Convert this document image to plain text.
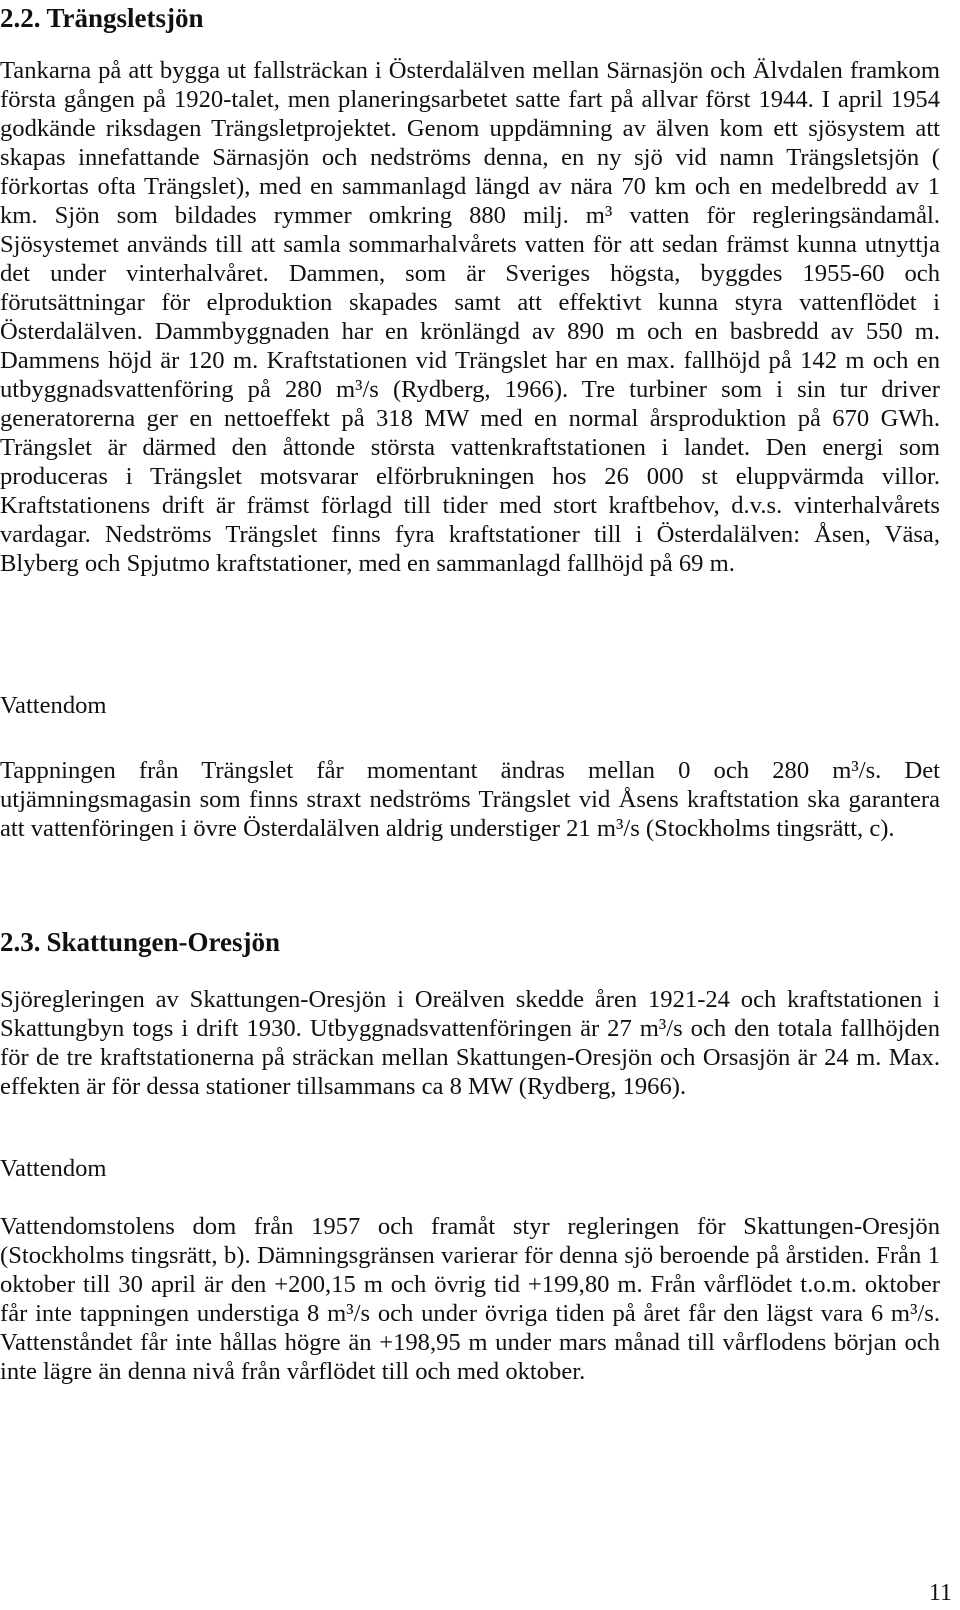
2.2. Trängsletsjön

Tankarna på att bygga ut fallsträckan i Österdalälven mellan Särnasjön och Älvdalen framkom första gången på 1920-talet, men planeringsarbetet satte fart på allvar först 1944. I april 1954 godkände riksdagen Trängsletprojektet. Genom uppdämning av älven kom ett sjösystem att skapas innefattande Särnasjön och nedströms denna, en ny sjö vid namn Trängsletsjön ( förkortas ofta Trängslet), med en sammanlagd längd av nära 70 km och en medelbredd av 1 km. Sjön som bildades rymmer omkring 880 milj. m³ vatten för regleringsändamål. Sjösystemet används till att samla sommarhalvårets vatten för att sedan främst kunna utnyttja det under vinterhalvåret. Dammen, som är Sveriges högsta, byggdes 1955-60 och förutsättningar för elproduktion skapades samt att effektivt kunna styra vattenflödet i Österdalälven. Dammbyggnaden har en krönlängd av 890 m och en basbredd av 550 m. Dammens höjd är 120 m. Kraftstationen vid Trängslet har en max. fallhöjd på 142 m och en utbyggnadsvattenföring på 280 m³/s (Rydberg, 1966). Tre turbiner som i sin tur driver generatorerna ger en nettoeffekt på 318 MW med en normal årsproduktion på 670 GWh. Trängslet är därmed den åttonde största vattenkraftstationen i landet. Den energi som produceras i Trängslet motsvarar elförbrukningen hos 26 000 st eluppvärmda villor. Kraftstationens drift är främst förlagd till tider med stort kraftbehov, d.v.s. vinterhalvårets vardagar. Nedströms Trängslet finns fyra kraftstationer till i Österdalälven: Åsen, Väsa, Blyberg och Spjutmo kraftstationer, med en sammanlagd fallhöjd på 69 m.

Vattendom

Tappningen från Trängslet får momentant ändras mellan 0 och 280 m³/s. Det utjämningsmagasin som finns straxt nedströms Trängslet vid Åsens kraftstation ska garantera att vattenföringen i övre Österdalälven aldrig understiger 21 m³/s (Stockholms tingsrätt, c).

2.3. Skattungen-Oresjön

Sjöregleringen av Skattungen-Oresjön i Oreälven skedde åren 1921-24 och kraftstationen i Skattungbyn togs i drift 1930. Utbyggnadsvattenföringen är 27 m³/s och den totala fallhöjden för de tre kraftstationerna på sträckan mellan Skattungen-Oresjön och Orsasjön är 24 m. Max. effekten är för dessa stationer tillsammans ca 8 MW (Rydberg, 1966).

Vattendom

Vattendomstolens dom från 1957 och framåt styr regleringen för Skattungen-Oresjön (Stockholms tingsrätt, b). Dämningsgränsen varierar för denna sjö beroende på årstiden. Från 1 oktober till 30 april är den +200,15 m och övrig tid +199,80 m. Från vårflödet t.o.m. oktober får inte tappningen understiga 8 m³/s och under övriga tiden på året får den lägst vara 6 m³/s. Vattenståndet får inte hållas högre än +198,95 m under mars månad till vårflodens början och inte lägre än denna nivå från vårflödet till och med oktober.

11
